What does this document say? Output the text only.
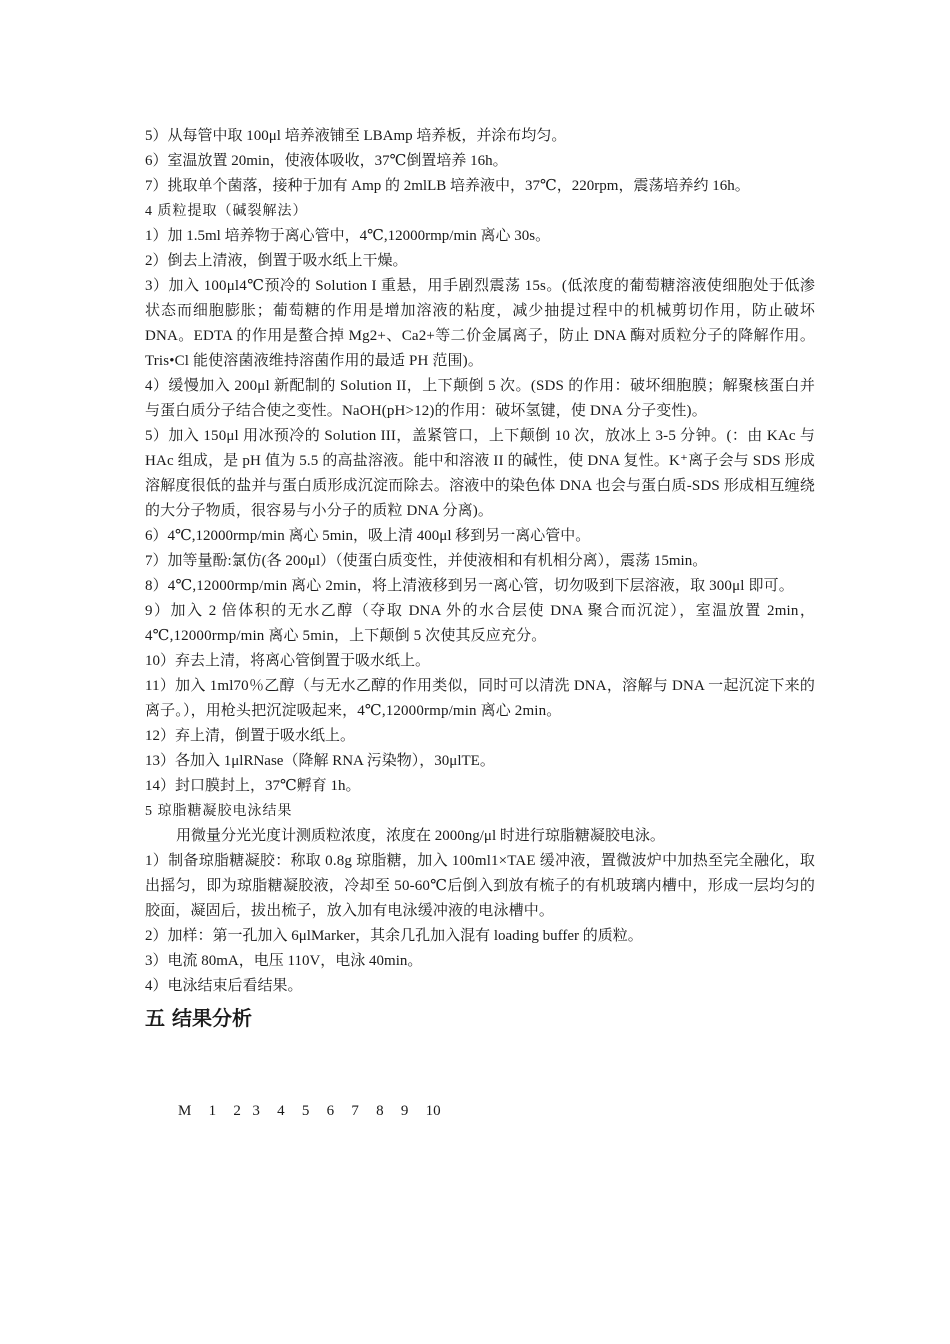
5）从每管中取 100μl 培养液铺至 LBAmp 培养板，并涂布均匀。
6）室温放置 20min，使液体吸收，37℃倒置培养 16h。
7）挑取单个菌落，接种于加有 Amp 的 2mlLB 培养液中，37℃，220rpm，震荡培养约 16h。
4 质粒提取（碱裂解法）
1）加 1.5ml 培养物于离心管中，4℃,12000rmp/min 离心 30s。
2）倒去上清液，倒置于吸水纸上干燥。
3）加入 100μl4℃预冷的 Solution I 重悬，用手剧烈震荡 15s。(低浓度的葡萄糖溶液使细胞处于低渗状态而细胞膨胀；葡萄糖的作用是增加溶液的粘度，减少抽提过程中的机械剪切作用，防止破坏 DNA。EDTA 的作用是螯合掉 Mg2+、Ca2+等二价金属离子，防止 DNA 酶对质粒分子的降解作用。Tris•Cl 能使溶菌液维持溶菌作用的最适 PH 范围)。
4）缓慢加入 200μl 新配制的 Solution II，上下颠倒 5 次。(SDS 的作用：破坏细胞膜；解聚核蛋白并与蛋白质分子结合使之变性。NaOH(pH>12)的作用：破坏氢键，使 DNA 分子变性)。
5）加入 150μl 用冰预冷的 Solution III，盖紧管口，上下颠倒 10 次，放冰上 3-5 分钟。(：由 KAc 与 HAc 组成，是 pH 值为 5.5 的高盐溶液。能中和溶液 II 的碱性，使 DNA 复性。K⁺离子会与 SDS 形成溶解度很低的盐并与蛋白质形成沉淀而除去。溶液中的染色体 DNA 也会与蛋白质-SDS 形成相互缠绕的大分子物质，很容易与小分子的质粒 DNA 分离)。
6）4℃,12000rmp/min 离心 5min，吸上清 400μl 移到另一离心管中。
7）加等量酚:氯仿(各 200μl）（使蛋白质变性，并使液相和有机相分离），震荡 15min。
8）4℃,12000rmp/min 离心 2min，将上清液移到另一离心管，切勿吸到下层溶液，取 300μl 即可。
9）加入 2 倍体积的无水乙醇（夺取 DNA 外的水合层使 DNA 聚合而沉淀），室温放置 2min，4℃,12000rmp/min 离心 5min，上下颠倒 5 次使其反应充分。
10）弃去上清，将离心管倒置于吸水纸上。
11）加入 1ml70％乙醇（与无水乙醇的作用类似，同时可以清洗 DNA，溶解与 DNA 一起沉淀下来的离子。），用枪头把沉淀吸起来，4℃,12000rmp/min 离心 2min。
12）弃上清，倒置于吸水纸上。
13）各加入 1μlRNase（降解 RNA 污染物），30μlTE。
14）封口膜封上，37℃孵育 1h。
5 琼脂糖凝胶电泳结果
用微量分光光度计测质粒浓度，浓度在 2000ng/μl 时进行琼脂糖凝胶电泳。
1）制备琼脂糖凝胶：称取 0.8g 琼脂糖，加入 100ml1×TAE 缓冲液，置微波炉中加热至完全融化，取出摇匀，即为琼脂糖凝胶液，冷却至 50-60℃后倒入到放有梳子的有机玻璃内槽中，形成一层均匀的胶面，凝固后，拔出梳子，放入加有电泳缓冲液的电泳槽中。
2）加样：第一孔加入 6μlMarker，其余几孔加入混有 loading buffer 的质粒。
3）电流 80mA，电压 110V，电泳 40min。
4）电泳结束后看结果。
五 结果分析
M   1   2  3   4   5   6   7   8   9   10
